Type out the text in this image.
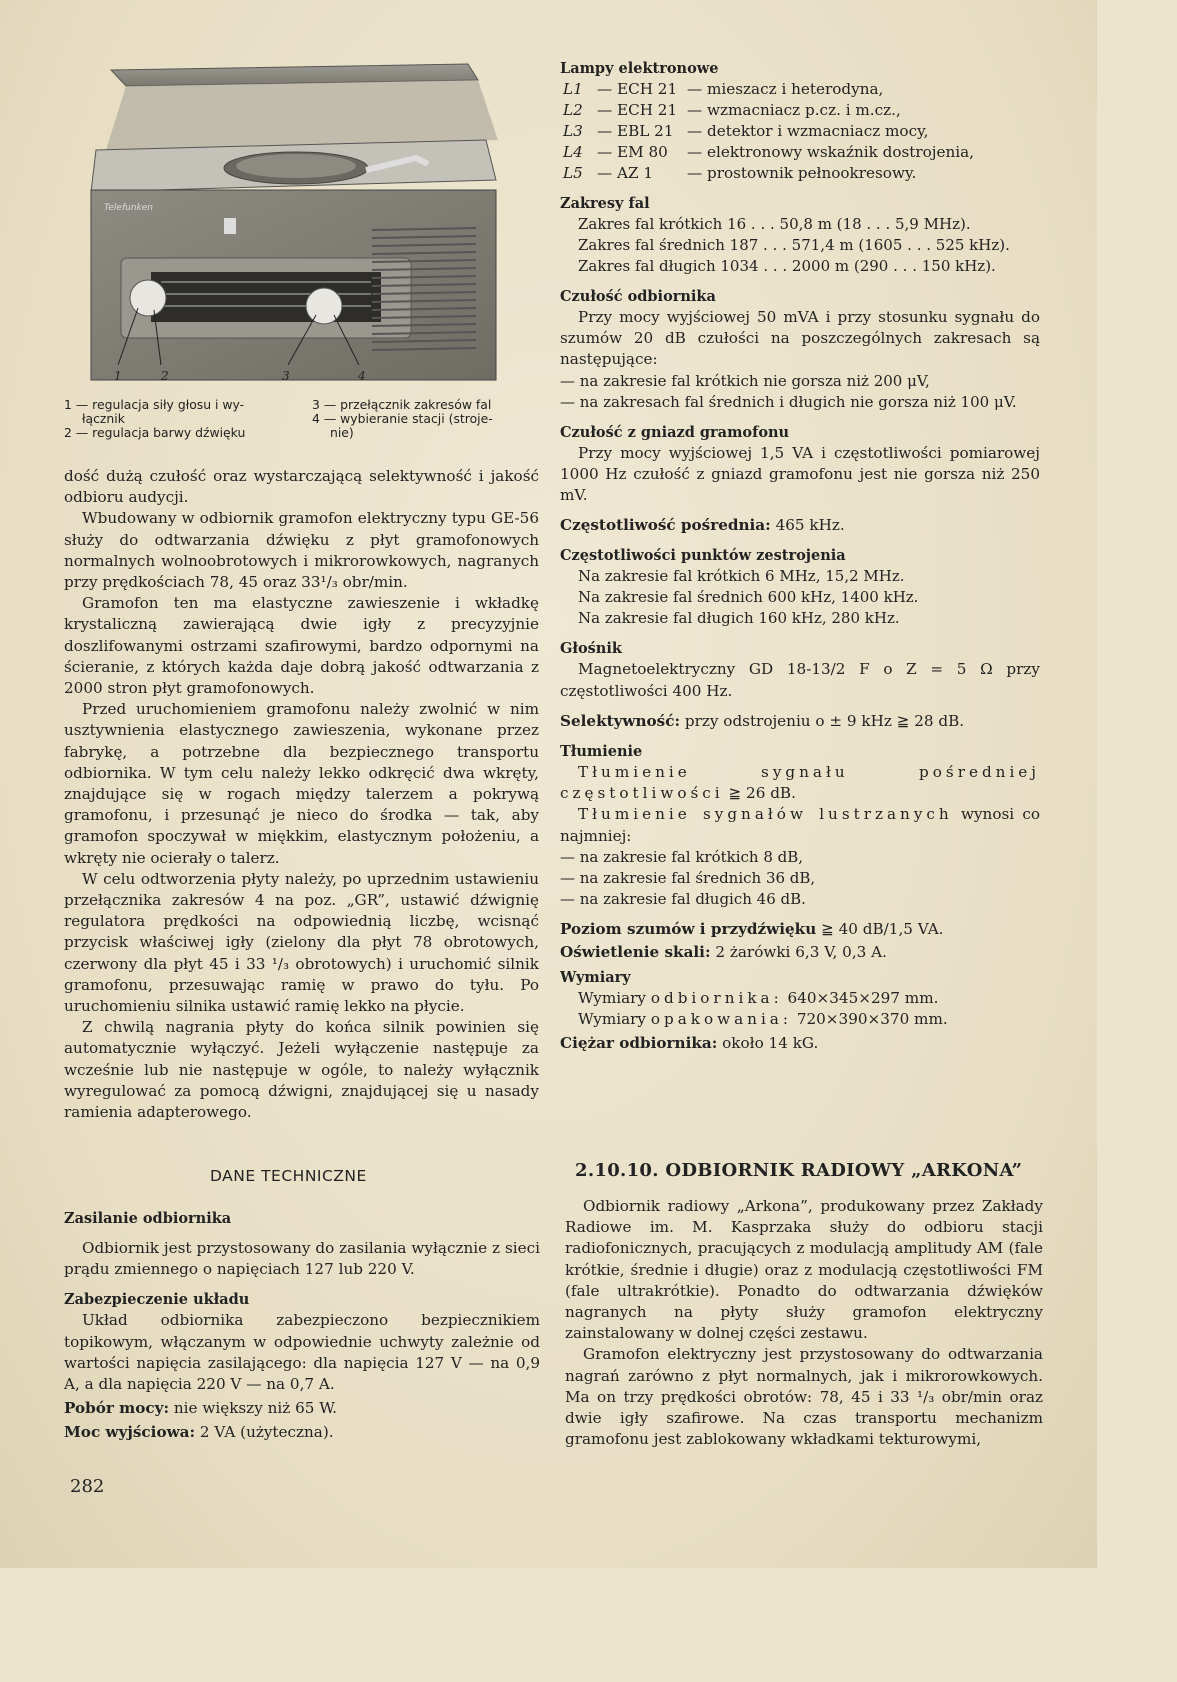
Telefunken
1	2	3	4
1 — regulacja siły głosu i wy-
łącznik
2 — regulacja barwy dźwięku
3 — przełącznik zakresów fal
4 — wybieranie stacji (stroje-
nie)

dość dużą czułość oraz wystarczającą selektywność i jakość odbioru audycji.

Wbudowany w odbiornik gramofon elektryczny typu GE-56 służy do odtwarzania dźwięku z płyt gramofonowych normalnych wolnoobrotowych i mikrorowkowych, nagranych przy prędkościach 78, 45 oraz 33¹/₃ obr/min.

Gramofon ten ma elastyczne zawieszenie i wkładkę krystaliczną zawierającą dwie igły z precyzyjnie doszlifowanymi ostrzami szafirowymi, bardzo odpornymi na ścieranie, z których każda daje dobrą jakość odtwarzania z 2000 stron płyt gramofonowych.

Przed uruchomieniem gramofonu należy zwolnić w nim usztywnienia elastycznego zawieszenia, wykonane przez fabrykę, a potrzebne dla bezpiecznego transportu odbiornika. W tym celu należy lekko odkręcić dwa wkręty, znajdujące się w rogach między talerzem a pokrywą gramofonu, i przesunąć je nieco do środka — tak, aby gramofon spoczywał w miękkim, elastycznym położeniu, a wkręty nie ocierały o talerz.

W celu odtworzenia płyty należy, po uprzednim ustawieniu przełącznika zakresów 4 na poz. „GR”, ustawić dźwignię regulatora prędkości na odpowiednią liczbę, wcisnąć przycisk właściwej igły (zielony dla płyt 78 obrotowych, czerwony dla płyt 45 i 33 ¹/₃ obrotowych) i uruchomić silnik gramofonu, przesuwając ramię w prawo do tyłu. Po uruchomieniu silnika ustawić ramię lekko na płycie.

Z chwilą nagrania płyty do końca silnik powinien się automatycznie wyłączyć. Jeżeli wyłączenie następuje za wcześnie lub nie następuje w ogóle, to należy wyłącznik wyregulować za pomocą dźwigni, znajdującej się u nasady ramienia adapterowego.

DANE TECHNICZNE

Zasilanie odbiornika

Odbiornik jest przystosowany do zasilania wyłącznie z sieci prądu zmiennego o napięciach 127 lub 220 V.

Zabezpieczenie układu

Układ odbiornika zabezpieczono bezpiecznikiem topikowym, włączanym w odpowiednie uchwyty zależnie od wartości napięcia zasilającego: dla napięcia 127 V — na 0,9 A, a dla napięcia 220 V — na 0,7 A.

Pobór mocy: nie większy niż 65 W.

Moc wyjściowa: 2 VA (użyteczna).

Lampy elektronowe

L1 — ECH 21 — mieszacz i heterodyna,

L2 — ECH 21 — wzmacniacz p.cz. i m.cz.,

L3 — EBL 21 — detektor i wzmacniacz mocy,

L4 — EM 80 — elektronowy wskaźnik dostrojenia,

L5 — AZ 1 — prostownik pełnookresowy.

Zakresy fal

Zakres fal krótkich 16 . . . 50,8 m (18 . . . 5,9 MHz).

Zakres fal średnich 187 . . . 571,4 m (1605 . . . 525 kHz).

Zakres fal długich 1034 . . . 2000 m (290 . . . 150 kHz).

Czułość odbiornika

Przy mocy wyjściowej 50 mVA i przy stosunku sygnału do szumów 20 dB czułości na poszczególnych zakresach są następujące:

— na zakresie fal krótkich nie gorsza niż 200 μV,

— na zakresach fal średnich i długich nie gorsza niż 100 μV.

Czułość z gniazd gramofonu

Przy mocy wyjściowej 1,5 VA i częstotliwości pomiarowej 1000 Hz czułość z gniazd gramofonu jest nie gorsza niż 250 mV.

Częstotliwość pośrednia: 465 kHz.

Częstotliwości punktów zestrojenia

Na zakresie fal krótkich 6 MHz, 15,2 MHz.

Na zakresie fal średnich 600 kHz, 1400 kHz.

Na zakresie fal długich 160 kHz, 280 kHz.

Głośnik

Magnetoelektryczny GD 18-13/2 F o Z = 5 Ω przy częstotliwości 400 Hz.

Selektywność: przy odstrojeniu o ± 9 kHz ≧ 28 dB.

Tłumienie

Tłumienie sygnału pośredniej częstotliwości ≧ 26 dB.

Tłumienie sygnałów lustrzanych wynosi co najmniej:

— na zakresie fal krótkich 8 dB,

— na zakresie fal średnich 36 dB,

— na zakresie fal długich 46 dB.

Poziom szumów i przydźwięku ≧ 40 dB/1,5 VA.

Oświetlenie skali: 2 żarówki 6,3 V, 0,3 A.

Wymiary

Wymiary odbiornika: 640×345×297 mm.

Wymiary opakowania: 720×390×370 mm.

Ciężar odbiornika: około 14 kG.

2.10.10. ODBIORNIK RADIOWY „ARKONA”

Odbiornik radiowy „Arkona”, produkowany przez Zakłady Radiowe im. M. Kasprzaka służy do odbioru stacji radiofonicznych, pracujących z modulacją amplitudy AM (fale krótkie, średnie i długie) oraz z modulacją częstotliwości FM (fale ultrakrótkie). Ponadto do odtwarzania dźwięków nagranych na płyty służy gramofon elektryczny zainstalowany w dolnej części zestawu.

Gramofon elektryczny jest przystosowany do odtwarzania nagrań zarówno z płyt normalnych, jak i mikrorowkowych. Ma on trzy prędkości obrotów: 78, 45 i 33 ¹/₃ obr/min oraz dwie igły szafirowe. Na czas transportu mechanizm gramofonu jest zablokowany wkładkami tekturowymi,

282
